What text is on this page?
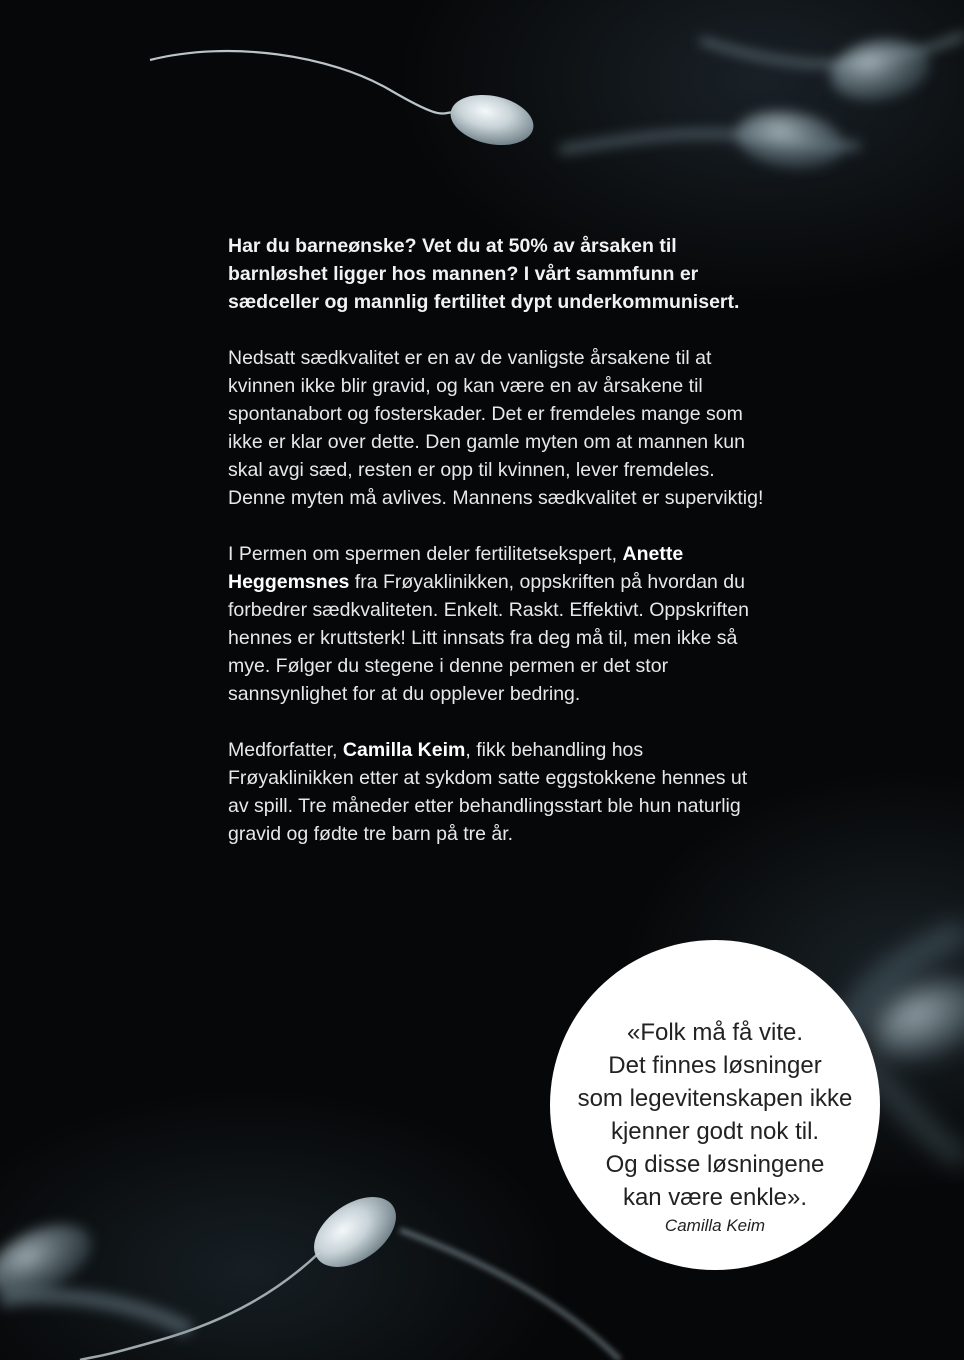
Har du barneønske? Vet du at 50% av årsaken til barnløshet ligger hos mannen? I vårt sammfunn er sædceller og mannlig fertilitet dypt underkommunisert.

Nedsatt sædkvalitet er en av de vanligste årsakene til at kvinnen ikke blir gravid, og kan være en av årsakene til spontanabort og fosterskader. Det er fremdeles mange som ikke er klar over dette. Den gamle myten om at mannen kun skal avgi sæd, resten er opp til kvinnen, lever fremdeles. Denne myten må avlives. Mannens sædkvalitet er superviktig!

I Permen om spermen deler fertilitetsekspert, Anette Heggemsnes fra Frøyaklinikken, oppskriften på hvordan du forbedrer sædkvaliteten. Enkelt. Raskt. Effektivt. Oppskriften hennes er kruttsterk! Litt innsats fra deg må til, men ikke så mye. Følger du stegene i denne permen er det stor sannsynlighet for at du opplever bedring.

Medforfatter, Camilla Keim, fikk behandling hos Frøyaklinikken etter at sykdom satte eggstokkene hennes ut av spill. Tre måneder etter behandlingsstart ble hun naturlig gravid og fødte tre barn på tre år.

«Folk må få vite.
Det finnes løsninger
som legevitenskapen ikke
kjenner godt nok til.
Og disse løsningene
kan være enkle».
Camilla Keim
